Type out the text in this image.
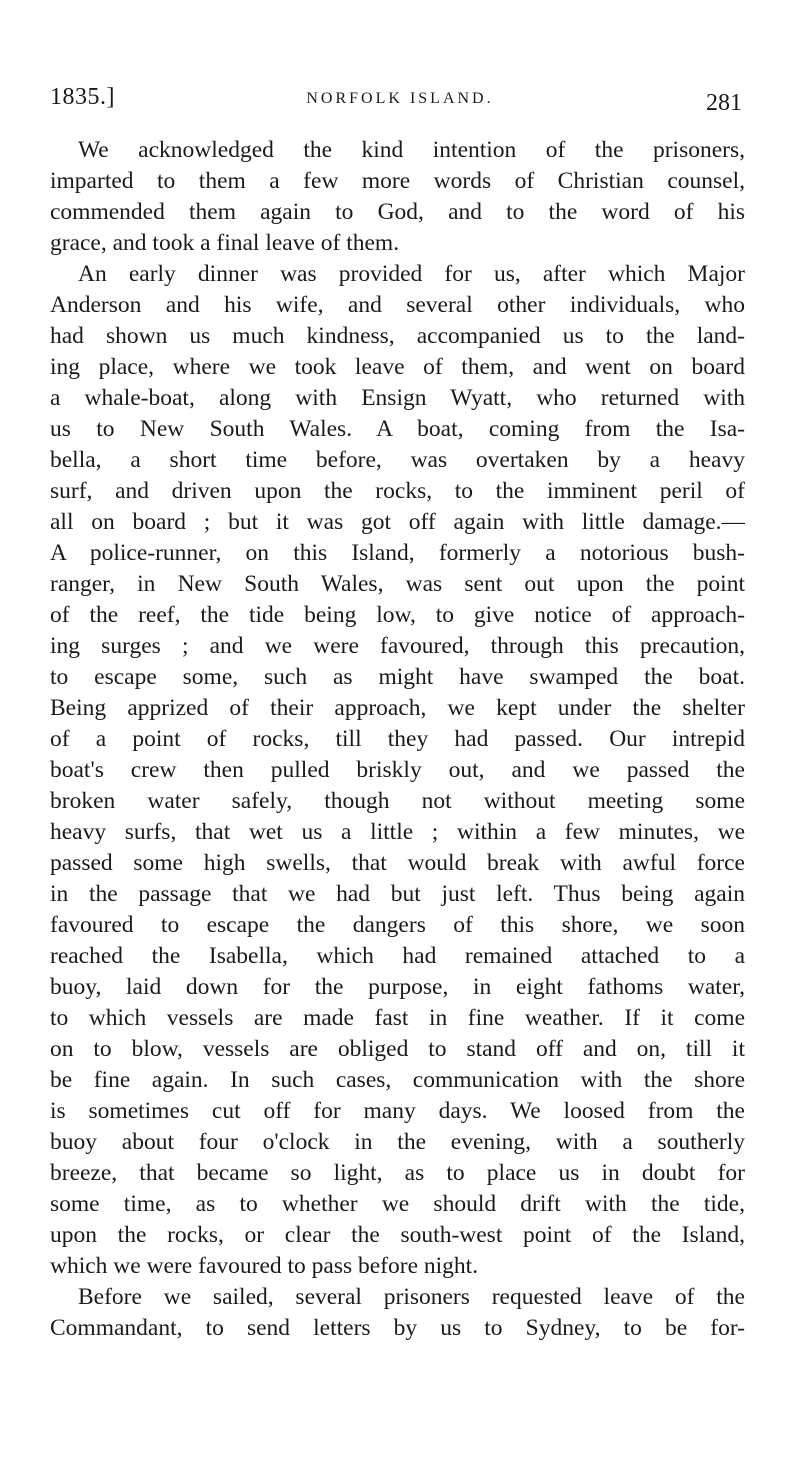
1835.]	NORFOLK ISLAND.	281
We acknowledged the kind intention of the prisoners,
imparted to them a few more words of Christian counsel,
commended them again to God, and to the word of his
grace, and took a final leave of them.
An early dinner was provided for us, after which Major
Anderson and his wife, and several other individuals, who
had shown us much kindness, accompanied us to the land-
ing place, where we took leave of them, and went on board
a whale-boat, along with Ensign Wyatt, who returned with
us to New South Wales. A boat, coming from the Isa-
bella, a short time before, was overtaken by a heavy
surf, and driven upon the rocks, to the imminent peril of
all on board ; but it was got off again with little damage.—
A police-runner, on this Island, formerly a notorious bush-
ranger, in New South Wales, was sent out upon the point
of the reef, the tide being low, to give notice of approach-
ing surges ; and we were favoured, through this precaution,
to escape some, such as might have swamped the boat.
Being apprized of their approach, we kept under the shelter
of a point of rocks, till they had passed. Our intrepid
boat's crew then pulled briskly out, and we passed the
broken water safely, though not without meeting some
heavy surfs, that wet us a little ; within a few minutes, we
passed some high swells, that would break with awful force
in the passage that we had but just left. Thus being again
favoured to escape the dangers of this shore, we soon
reached the Isabella, which had remained attached to a
buoy, laid down for the purpose, in eight fathoms water,
to which vessels are made fast in fine weather. If it come
on to blow, vessels are obliged to stand off and on, till it
be fine again. In such cases, communication with the shore
is sometimes cut off for many days. We loosed from the
buoy about four o'clock in the evening, with a southerly
breeze, that became so light, as to place us in doubt for
some time, as to whether we should drift with the tide,
upon the rocks, or clear the south-west point of the Island,
which we were favoured to pass before night.
Before we sailed, several prisoners requested leave of the
Commandant, to send letters by us to Sydney, to be for-
